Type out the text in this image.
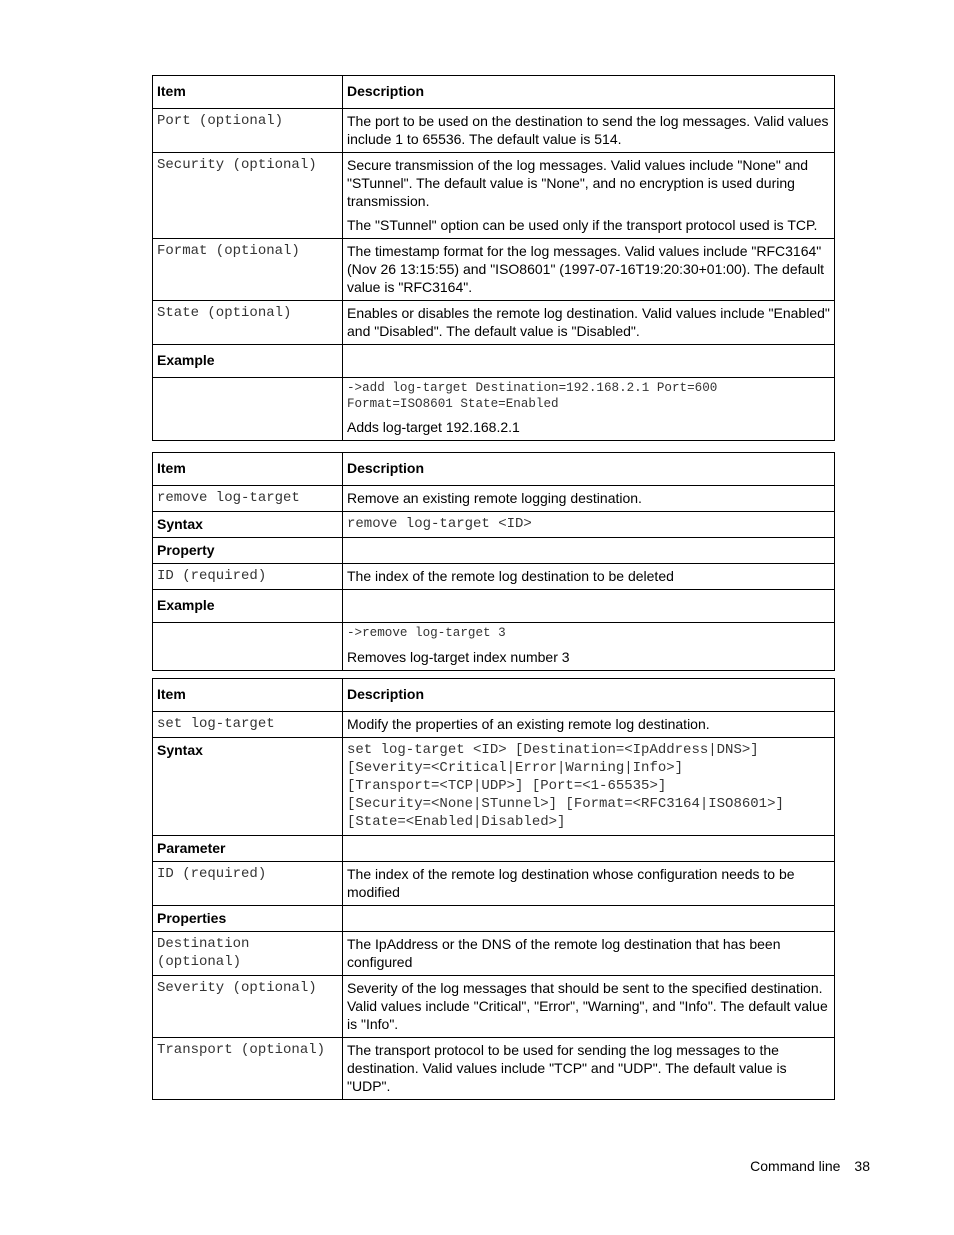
Item	Description
Port (optional)	The port to be used on the destination to send the log messages. Valid values include 1 to 65536. The default value is 514.

Security (optional)	Secure transmission of the log messages. Valid values include "None" and "STunnel". The default value is "None", and no encryption is used during transmission.
The "STunnel" option can be used only if the transport protocol used is TCP.

Format (optional)	The timestamp format for the log messages. Valid values include "RFC3164" (Nov 26 13:15:55) and "ISO8601" (1997-07-16T19:20:30+01:00). The default value is "RFC3164".

State (optional)	Enables or disables the remote log destination. Valid values include "Enabled" and "Disabled". The default value is "Disabled".

Example	

	->add log-target Destination=192.168.2.1 Port=600
Format=ISO8601 State=Enabled
Adds log-target 192.168.2.1
Item	Description
remove log-target	Remove an existing remote logging destination.
Syntax	remove log-target <ID>
Property	
ID (required)	The index of the remote log destination to be deleted
Example	

	->remove log-target 3
Removes log-target index number 3
Item	Description
set log-target	Modify the properties of an existing remote log destination.
Syntax	set log-target <ID> [Destination=<IpAddress|DNS>]
[Severity=<Critical|Error|Warning|Info>]
[Transport=<TCP|UDP>] [Port=<1-65535>]
[Security=<None|STunnel>] [Format=<RFC3164|ISO8601>]
[State=<Enabled|Disabled>]
Parameter	
ID (required)	The index of the remote log destination whose configuration needs to be modified
Properties	
Destination
(optional)	The IpAddress or the DNS of the remote log destination that has been configured
Severity (optional)	Severity of the log messages that should be sent to the specified destination. Valid values include "Critical", "Error", "Warning", and "Info". The default value is "Info".
Transport (optional)	The transport protocol to be used for sending the log messages to the destination. Valid values include "TCP" and "UDP". The default value is "UDP".
Command line 38
